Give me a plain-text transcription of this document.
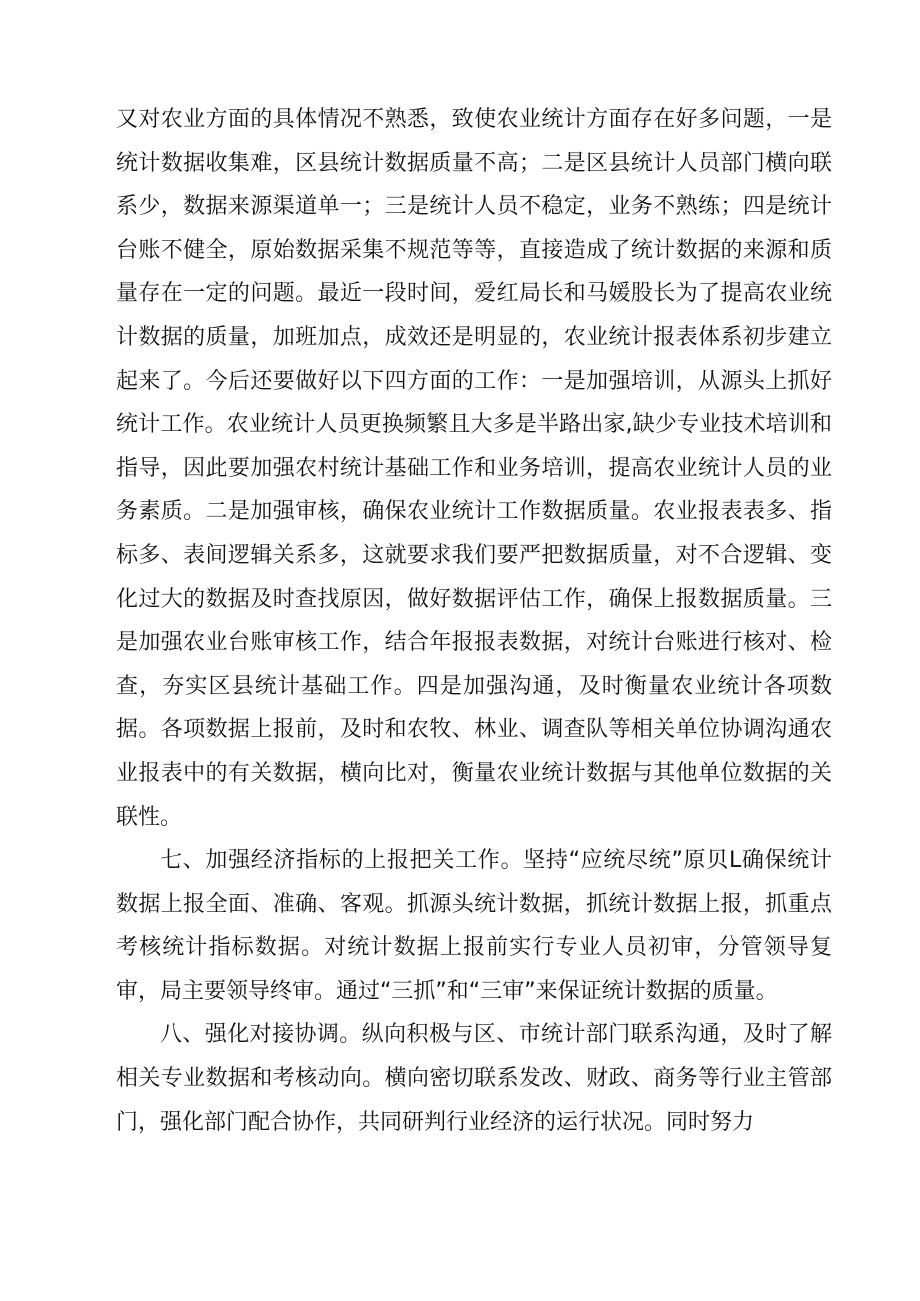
又对农业方面的具体情况不熟悉，致使农业统计方面存在好多问题，一是统计数据收集难，区县统计数据质量不高；二是区县统计人员部门横向联系少，数据来源渠道单一；三是统计人员不稳定，业务不熟练；四是统计台账不健全，原始数据采集不规范等等，直接造成了统计数据的来源和质量存在一定的问题。最近一段时间，爱红局长和马媛股长为了提高农业统计数据的质量，加班加点，成效还是明显的，农业统计报表体系初步建立起来了。今后还要做好以下四方面的工作：一是加强培训，从源头上抓好统计工作。农业统计人员更换频繁且大多是半路出家,缺少专业技术培训和指导，因此要加强农村统计基础工作和业务培训，提高农业统计人员的业务素质。二是加强审核，确保农业统计工作数据质量。农业报表表多、指标多、表间逻辑关系多，这就要求我们要严把数据质量，对不合逻辑、变化过大的数据及时查找原因，做好数据评估工作，确保上报数据质量。三是加强农业台账审核工作，结合年报报表数据，对统计台账进行核对、检查，夯实区县统计基础工作。四是加强沟通，及时衡量农业统计各项数据。各项数据上报前，及时和农牧、林业、调查队等相关单位协调沟通农业报表中的有关数据，横向比对，衡量农业统计数据与其他单位数据的关联性。

七、加强经济指标的上报把关工作。坚持“应统尽统”原贝L确保统计数据上报全面、准确、客观。抓源头统计数据，抓统计数据上报，抓重点考核统计指标数据。对统计数据上报前实行专业人员初审，分管领导复审，局主要领导终审。通过“三抓”和“三审”来保证统计数据的质量。

八、强化对接协调。纵向积极与区、市统计部门联系沟通，及时了解相关专业数据和考核动向。横向密切联系发改、财政、商务等行业主管部门，强化部门配合协作，共同研判行业经济的运行状况。同时努力
